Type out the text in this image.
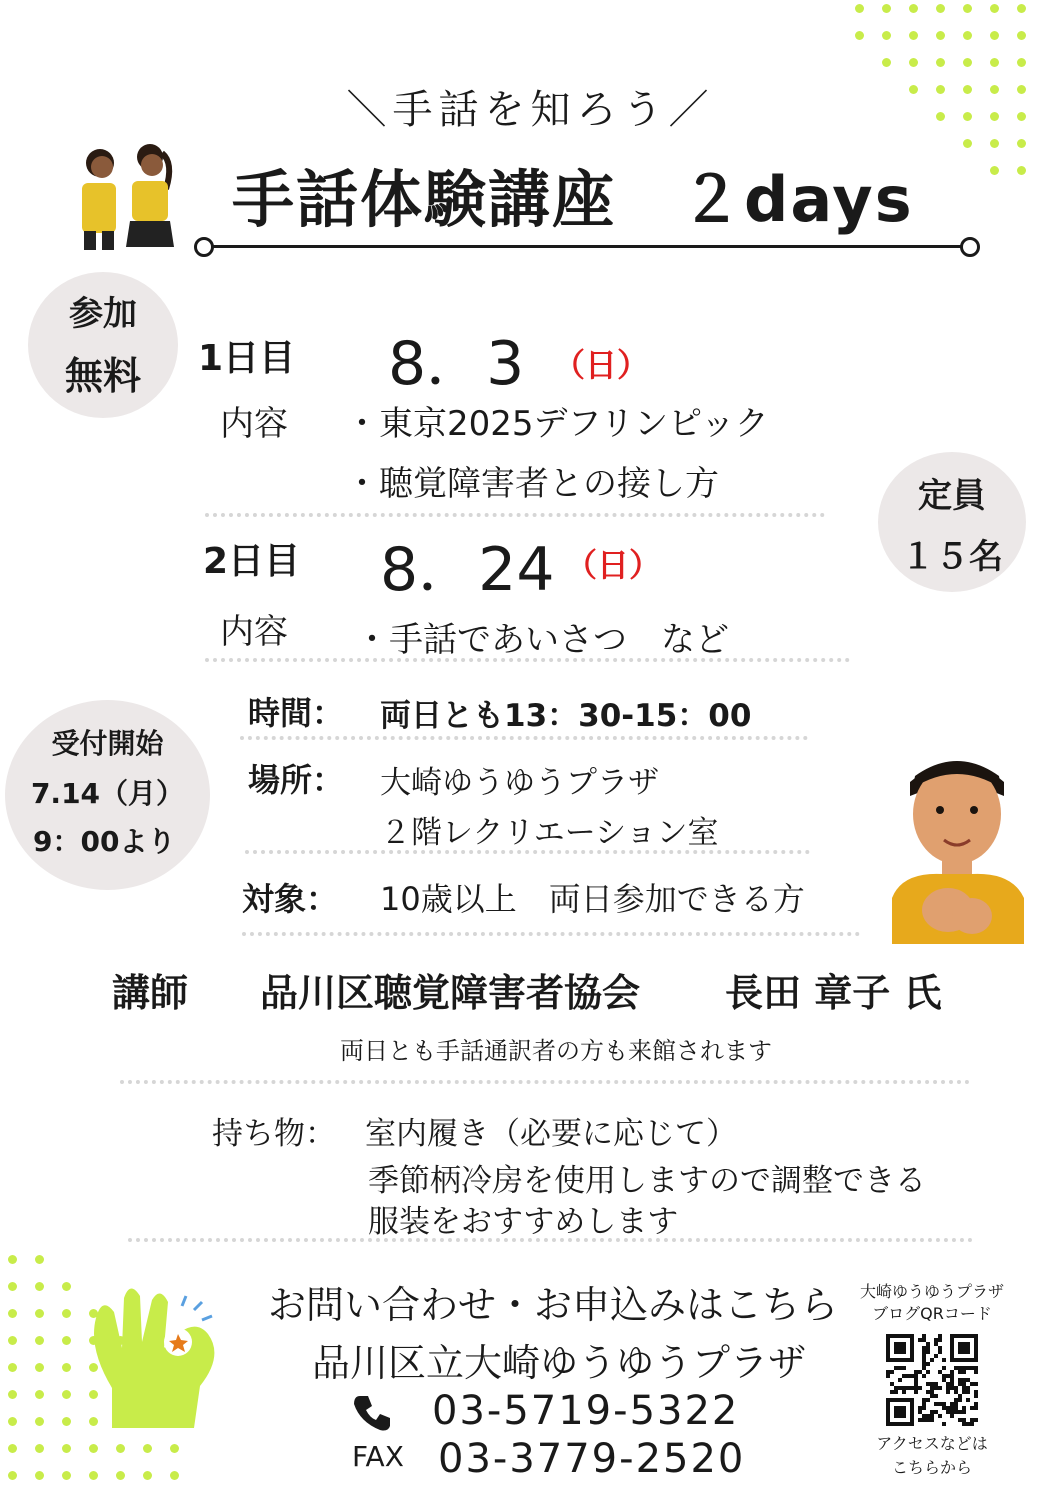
＼手話を知ろう／
手話体験講座　２days
参加
無料	1日目 8．3 （日）
内容 ・東京2025デフリンピック
・聴覚障害者との接し方	定員
１５名
2日目 8．24 （日）
内容 ・手話であいさつ　など
受付開始
7.14（月）
9：00より
時間： 両日とも13：30-15：00
場所： 大崎ゆうゆうプラザ
２階レクリエーション室
対象： 10歳以上　両日参加できる方
講師 品川区聴覚障害者協会 長田 章子 氏
両日とも手話通訳者の方も来館されます
持ち物： 室内履き（必要に応じて）
季節柄冷房を使用しますので調整できる
服装をおすすめします
お問い合わせ・お申込みはこちら
品川区立大崎ゆうゆうプラザ
03-5719-5322
FAX 03-3779-2520
大崎ゆうゆうプラザ
ブログQRコード
アクセスなどは
こちらから
